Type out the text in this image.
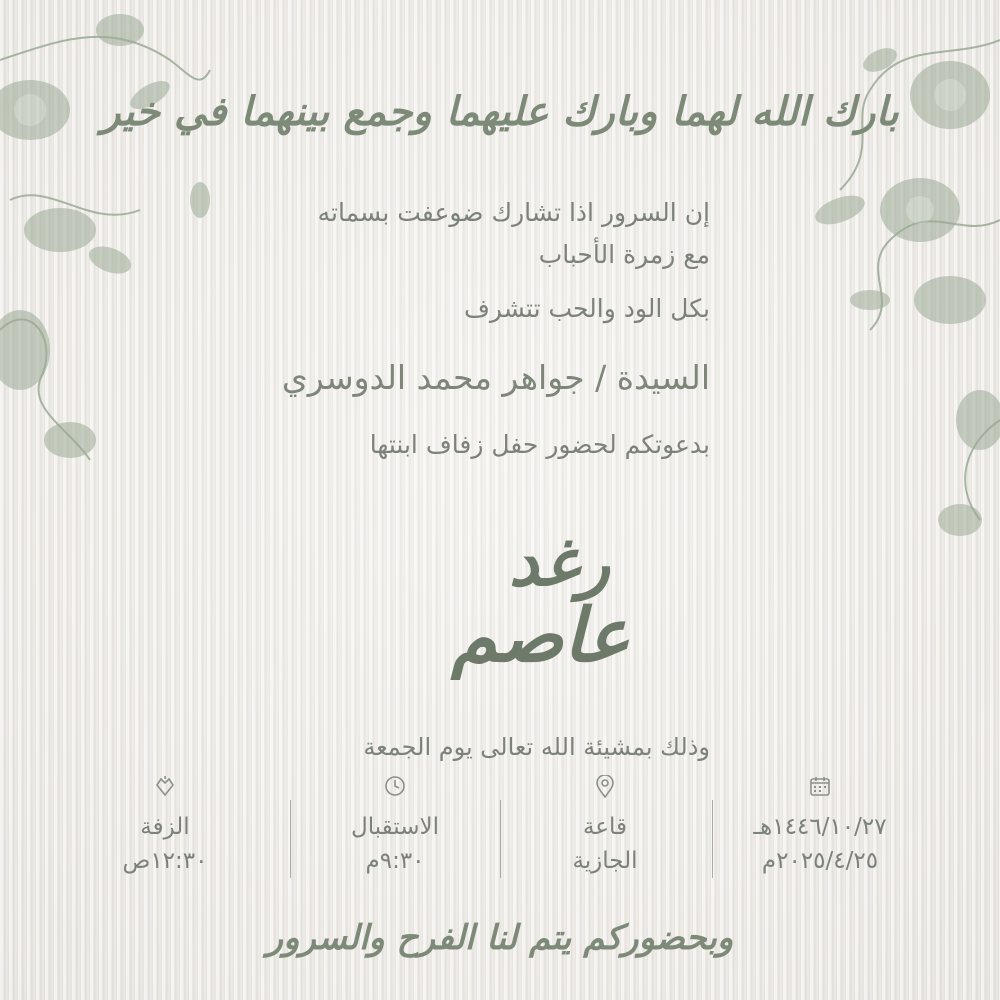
بارك الله لهما وبارك عليهما وجمع بينهما في خير
إن السرور اذا تشارك ضوعفت بسماته
مع زمرة الأحباب
بكل الود والحب تتشرف
السيدة / جواهر محمد الدوسري
بدعوتكم لحضور حفل زفاف ابنتها
رغد
عاصم
وذلك بمشيئة الله تعالى يوم الجمعة
١٤٤٦/١٠/٢٧هـ
٢٠٢٥/٤/٢٥م
قاعة
الجازية
الاستقبال
٩:٣٠م
الزفة
١٢:٣٠ص
وبحضوركم يتم لنا الفرح والسرور
